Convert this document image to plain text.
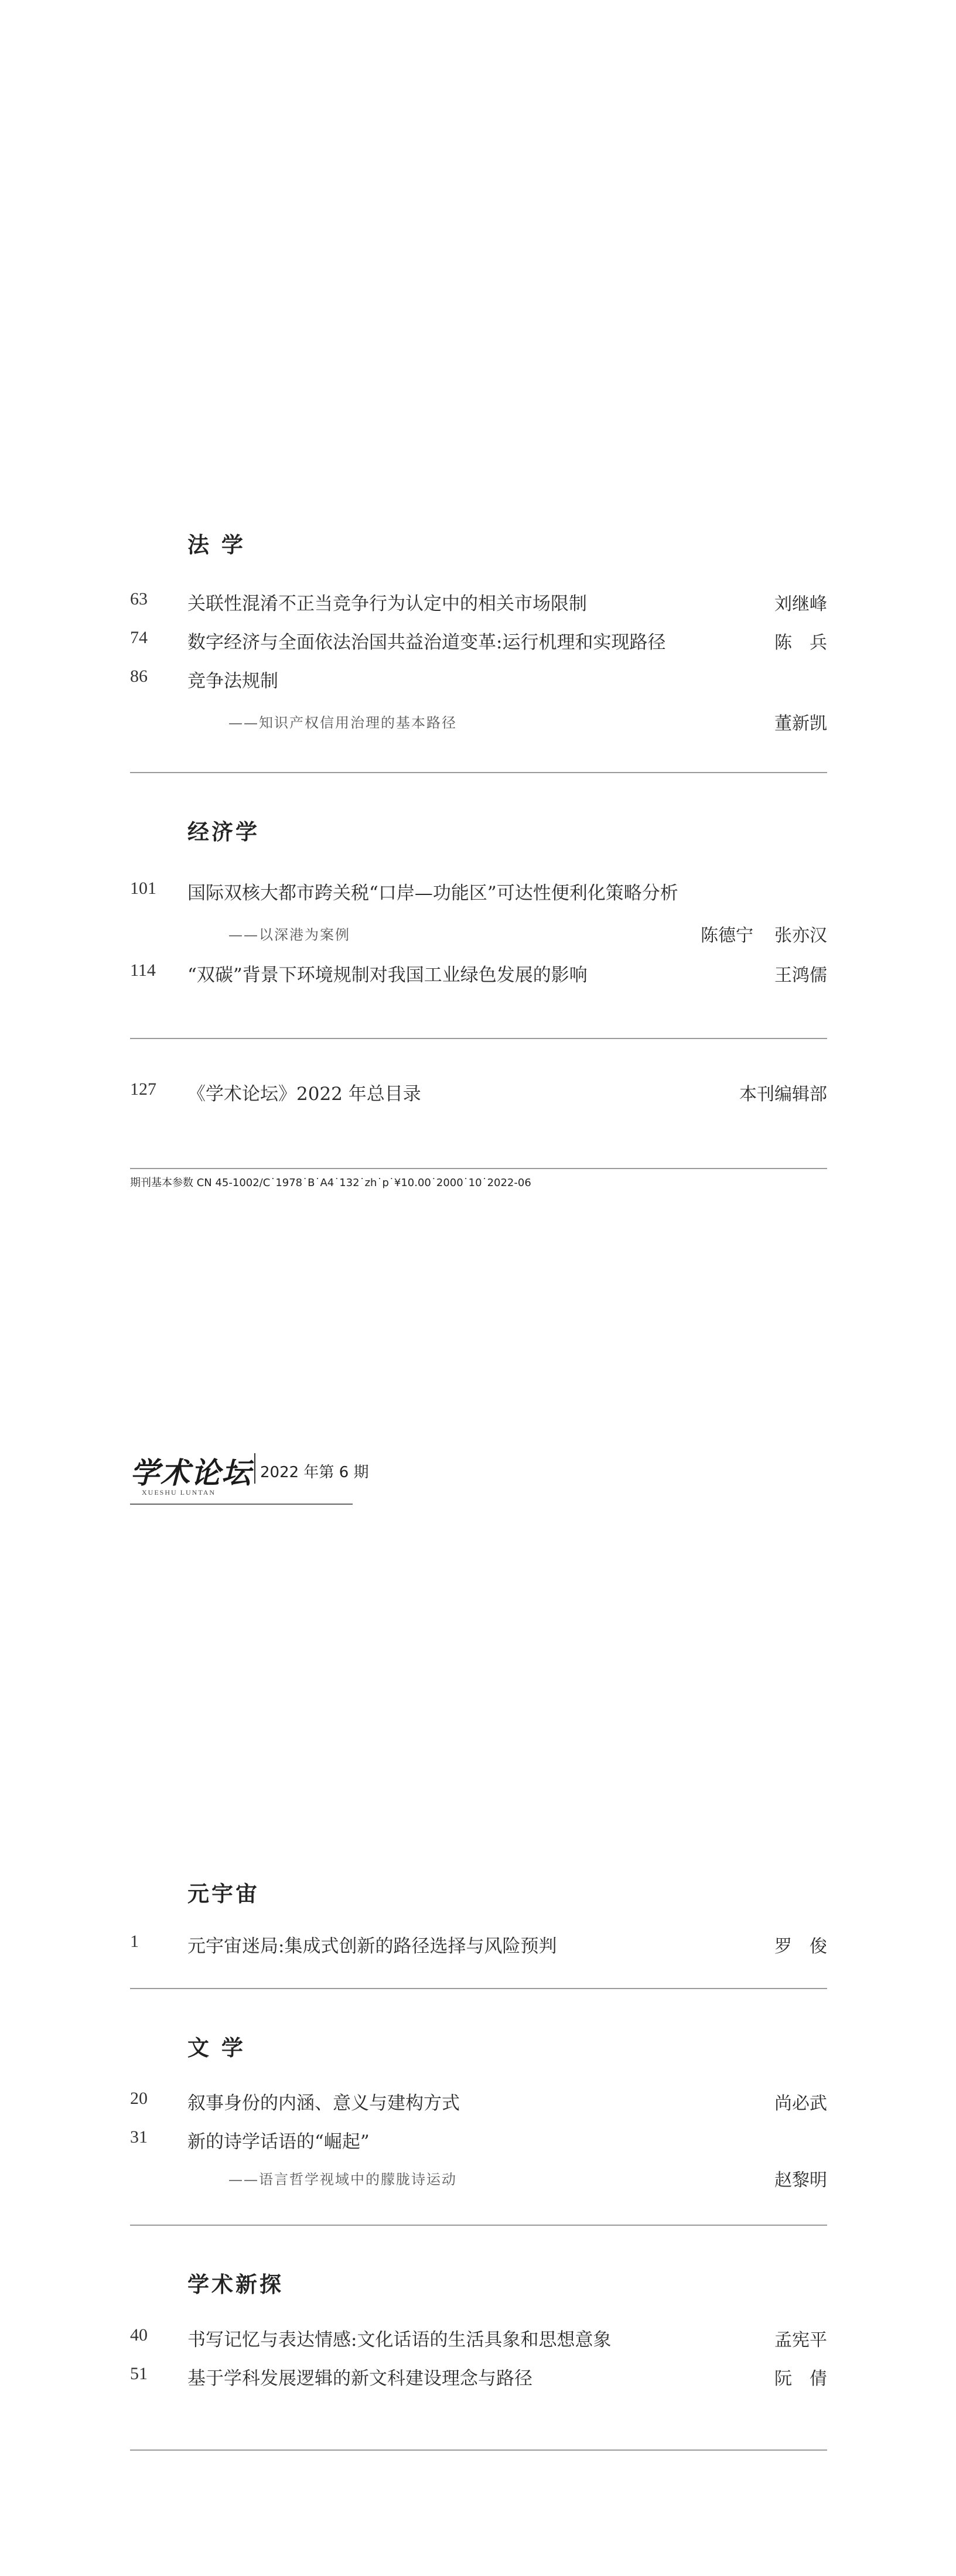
法 学
63 关联性混淆不正当竞争行为认定中的相关市场限制	刘继峰
74 数字经济与全面依法治国共益治道变革:运行机理和实现路径	陈　兵
86 竞争法规制
——知识产权信用治理的基本路径	董新凯
经济学
101 国际双核大都市跨关税“口岸—功能区”可达性便利化策略分析
——以深港为案例	陈德宁 张亦汉
114 “双碳”背景下环境规制对我国工业绿色发展的影响	王鸿儒
127 《学术论坛》2022 年总目录	本刊编辑部
期刊基本参数 CN 45-1002/C˙1978˙B˙A4˙132˙zh˙p˙¥10.00˙2000˙10˙2022-06
学术论坛
XUESHU LUNTAN
2022 年第 6 期
元宇宙
1	元宇宙迷局:集成式创新的路径选择与风险预判	罗　俊
文 学
20 叙事身份的内涵、意义与建构方式	尚必武
31 新的诗学话语的“崛起”
——语言哲学视域中的朦胧诗运动	赵黎明
学术新探
40 书写记忆与表达情感:文化话语的生活具象和思想意象	孟宪平
51 基于学科发展逻辑的新文科建设理念与路径	阮　倩
